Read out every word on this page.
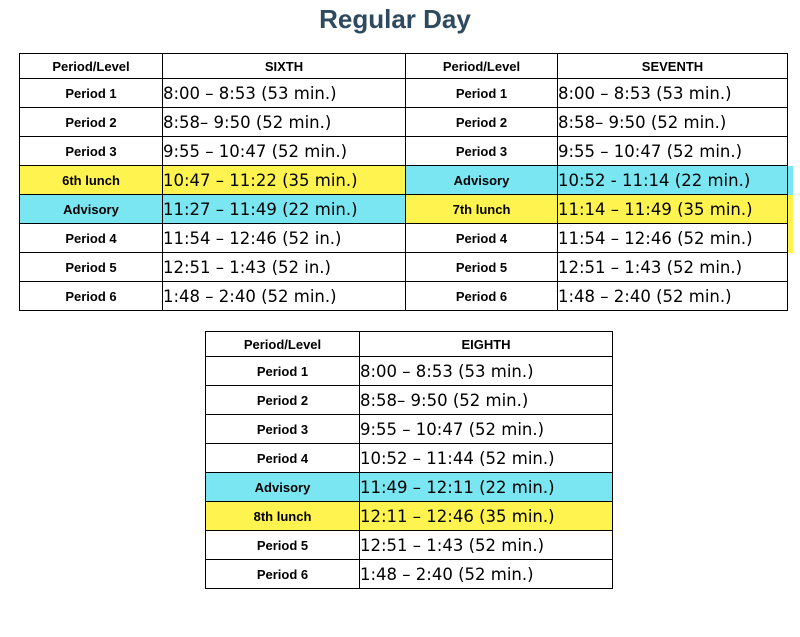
Regular Day
Period/Level	SIXTH	Period/Level	SEVENTH	
Period 1	8:00 – 8:53 (53 min.)	Period 1	8:00 – 8:53 (53 min.)	
Period 2	8:58– 9:50 (52 min.)	Period 2	8:58– 9:50 (52 min.)	
Period 3	9:55 – 10:47 (52 min.)	Period 3	9:55 – 10:47 (52 min.)	
6th lunch	10:47 – 11:22 (35 min.)	Advisory	10:52 - 11:14 (22 min.)	
Advisory	11:27 – 11:49 (22 min.)	7th lunch	11:14 – 11:49 (35 min.)	
Period 4	11:54 – 12:46 (52 in.)	Period 4	11:54 – 12:46 (52 min.)	
Period 5	12:51 – 1:43 (52 in.)	Period 5	12:51 – 1:43 (52 min.)	
Period 6	1:48 – 2:40 (52 min.)	Period 6	1:48 – 2:40 (52 min.)	
Period/Level	EIGHTH
Period 1	8:00 – 8:53 (53 min.)
Period 2	8:58– 9:50 (52 min.)
Period 3	9:55 – 10:47 (52 min.)
Period 4	10:52 – 11:44 (52 min.)
Advisory	11:49 – 12:11 (22 min.)
8th lunch	12:11 – 12:46 (35 min.)
Period 5	12:51 – 1:43 (52 min.)
Period 6	1:48 – 2:40 (52 min.)
